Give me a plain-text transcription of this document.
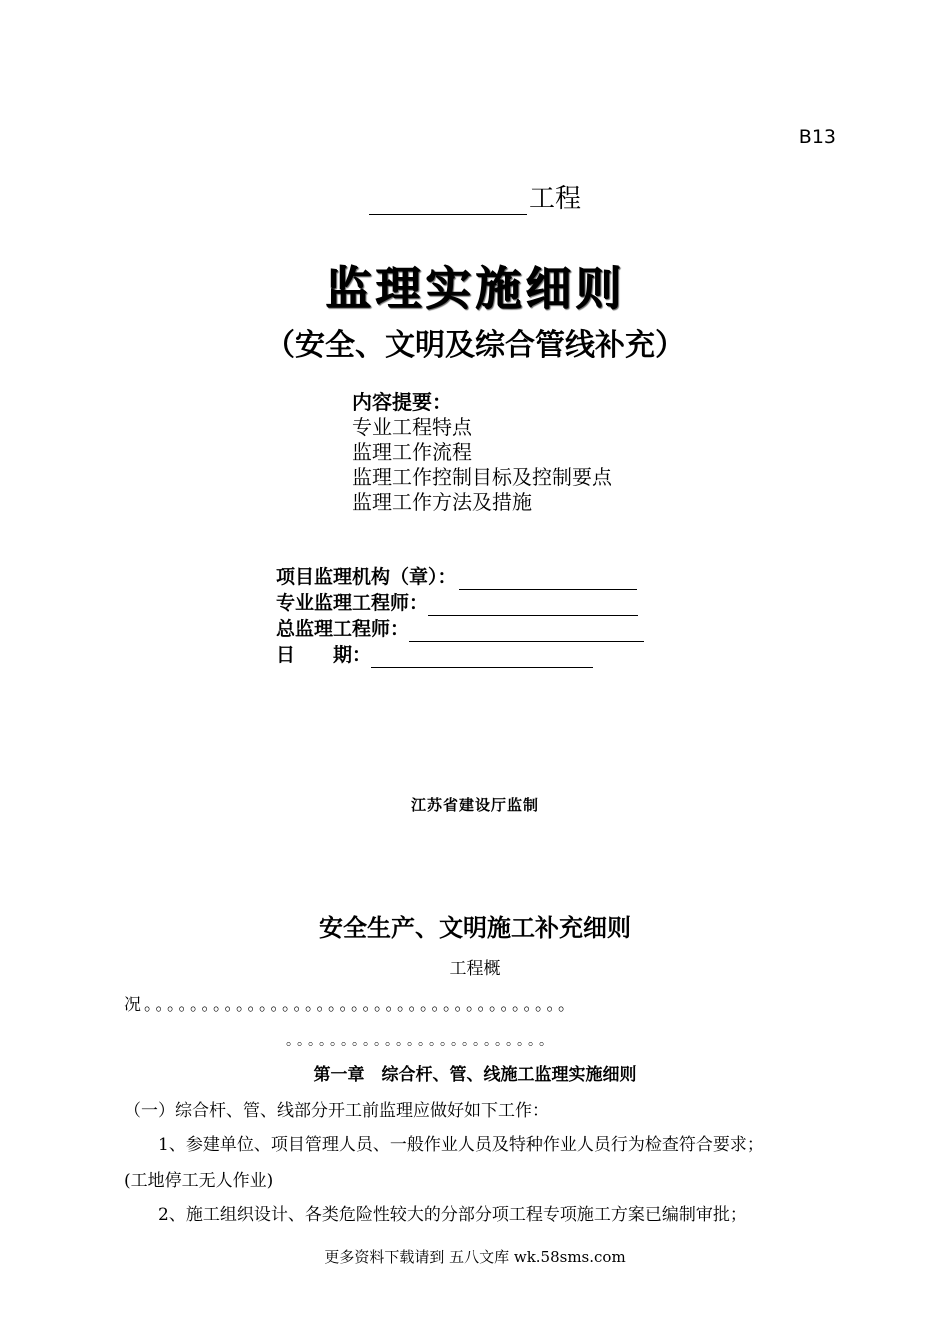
B13
工程
监理实施细则
（安全、文明及综合管线补充）
内容提要：
专业工程特点
监理工作流程
监理工作控制目标及控制要点
监理工作方法及措施
项目监理机构（章）：
专业监理工程师：
总监理工程师：
日　　期：
江苏省建设厅监制
安全生产、文明施工补充细则
工程概
况。。。。。。。。。。。。。。。。。。。。。。。。。。。。。。。。。。。。。
。。。。。。。。。。。。。。。。。。。。。。。。
第一章　综合杆、管、线施工监理实施细则
（一）综合杆、管、线部分开工前监理应做好如下工作：
1、参建单位、项目管理人员、一般作业人员及特种作业人员行为检查符合要求；
(工地停工无人作业)
2、施工组织设计、各类危险性较大的分部分项工程专项施工方案已编制审批；
更多资料下载请到 五八文库 wk.58sms.com
